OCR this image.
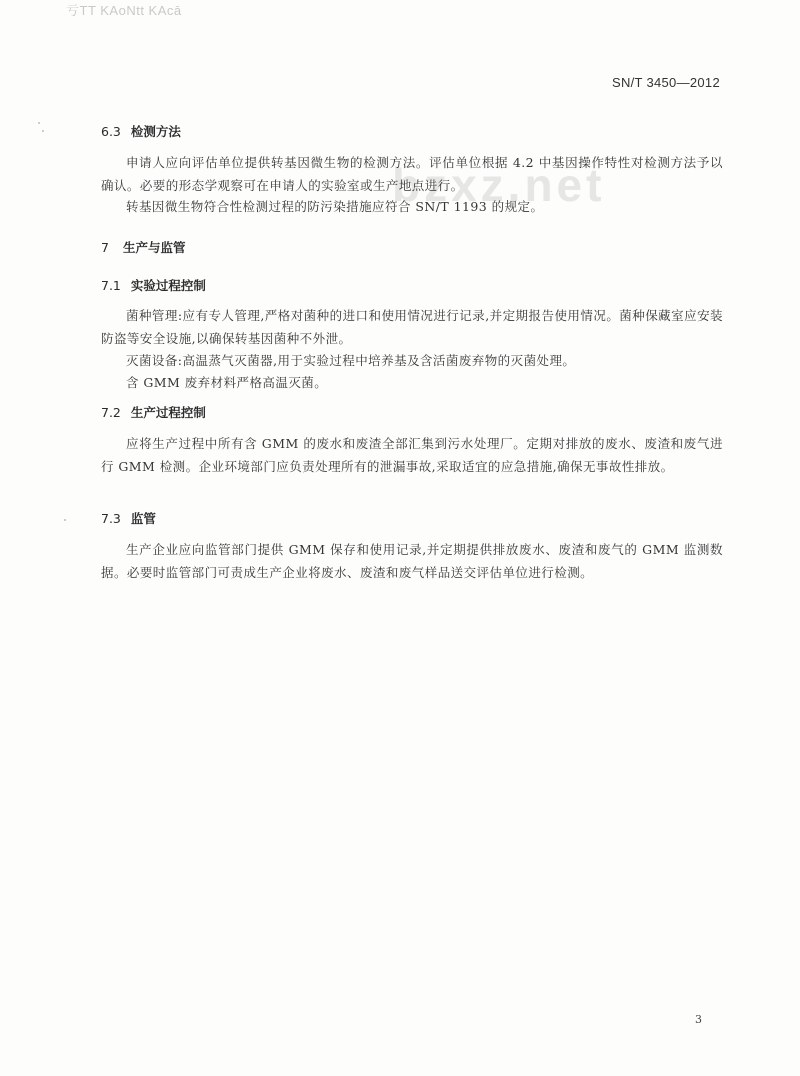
亏TT KAoNtt KAcā
bzxz.net
SN/T 3450—2012
6.3 检测方法
申请人应向评估单位提供转基因微生物的检测方法。评估单位根据 4.2 中基因操作特性对检测方法予以确认。必要的形态学观察可在申请人的实验室或生产地点进行。
转基因微生物符合性检测过程的防污染措施应符合 SN/T 1193 的规定。
7 生产与监管
7.1 实验过程控制
菌种管理:应有专人管理,严格对菌种的进口和使用情况进行记录,并定期报告使用情况。菌种保藏室应安装防盗等安全设施,以确保转基因菌种不外泄。
灭菌设备:高温蒸气灭菌器,用于实验过程中培养基及含活菌废弃物的灭菌处理。
含 GMM 废弃材料严格高温灭菌。
7.2 生产过程控制
应将生产过程中所有含 GMM 的废水和废渣全部汇集到污水处理厂。定期对排放的废水、废渣和废气进行 GMM 检测。企业环境部门应负责处理所有的泄漏事故,采取适宜的应急措施,确保无事故性排放。
7.3 监管
生产企业应向监管部门提供 GMM 保存和使用记录,并定期提供排放废水、废渣和废气的 GMM 监测数据。必要时监管部门可责成生产企业将废水、废渣和废气样品送交评估单位进行检测。
3
